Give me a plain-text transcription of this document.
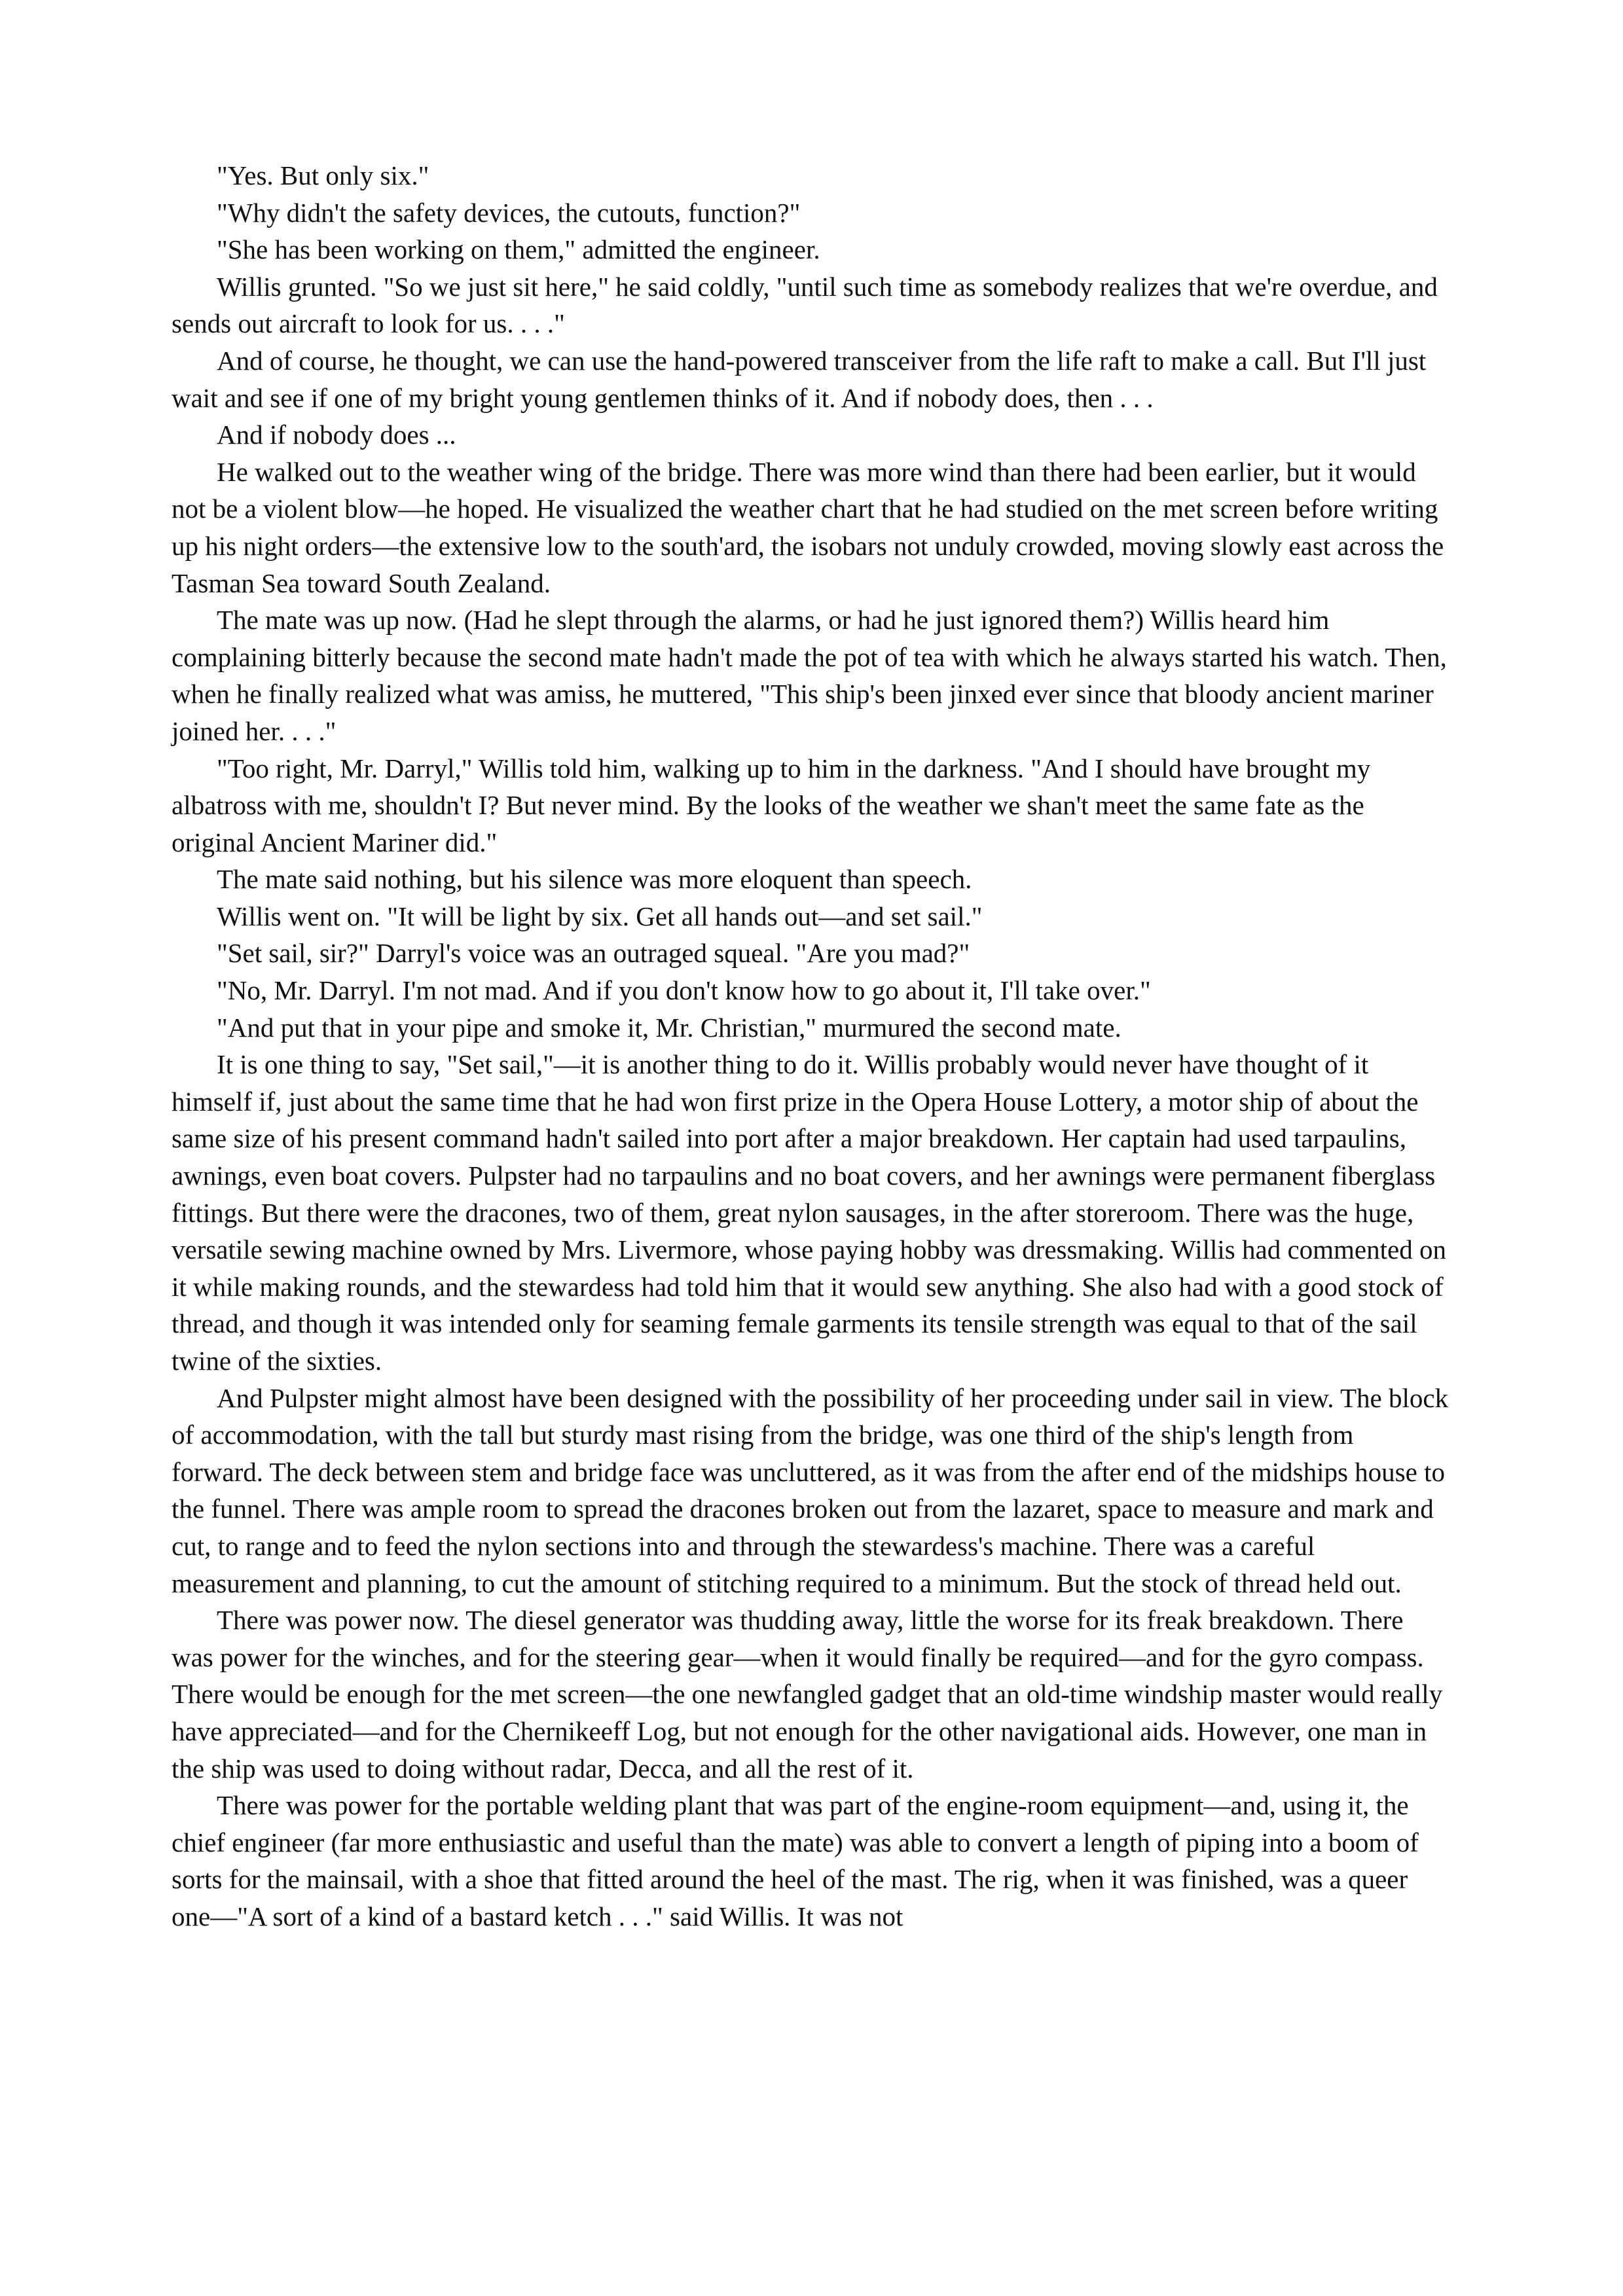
"Yes. But only six."

"Why didn't the safety devices, the cutouts, function?"

"She has been working on them," admitted the engineer.

Willis grunted. "So we just sit here," he said coldly, "until such time as somebody realizes that we're overdue, and sends out aircraft to look for us. . . ."

And of course, he thought, we can use the hand-powered transceiver from the life raft to make a call. But I'll just wait and see if one of my bright young gentlemen thinks of it. And if nobody does, then . . .

And if nobody does ...

He walked out to the weather wing of the bridge. There was more wind than there had been earlier, but it would not be a violent blow—he hoped. He visualized the weather chart that he had studied on the met screen before writing up his night orders—the extensive low to the south'ard, the isobars not unduly crowded, moving slowly east across the Tasman Sea toward South Zealand.

The mate was up now. (Had he slept through the alarms, or had he just ignored them?) Willis heard him complaining bitterly because the second mate hadn't made the pot of tea with which he always started his watch. Then, when he finally realized what was amiss, he muttered, "This ship's been jinxed ever since that bloody ancient mariner joined her. . . ."

"Too right, Mr. Darryl," Willis told him, walking up to him in the darkness. "And I should have brought my albatross with me, shouldn't I? But never mind. By the looks of the weather we shan't meet the same fate as the original Ancient Mariner did."

The mate said nothing, but his silence was more eloquent than speech.

Willis went on. "It will be light by six. Get all hands out—and set sail."

"Set sail, sir?" Darryl's voice was an outraged squeal. "Are you mad?"

"No, Mr. Darryl. I'm not mad. And if you don't know how to go about it, I'll take over."

"And put that in your pipe and smoke it, Mr. Christian," murmured the second mate.

It is one thing to say, "Set sail,"—it is another thing to do it. Willis probably would never have thought of it himself if, just about the same time that he had won first prize in the Opera House Lottery, a motor ship of about the same size of his present command hadn't sailed into port after a major breakdown. Her captain had used tarpaulins, awnings, even boat covers. Pulpster had no tarpaulins and no boat covers, and her awnings were permanent fiberglass fittings. But there were the dracones, two of them, great nylon sausages, in the after storeroom. There was the huge, versatile sewing machine owned by Mrs. Livermore, whose paying hobby was dressmaking. Willis had commented on it while making rounds, and the stewardess had told him that it would sew anything. She also had with a good stock of thread, and though it was intended only for seaming female garments its tensile strength was equal to that of the sail twine of the sixties.

And Pulpster might almost have been designed with the possibility of her proceeding under sail in view. The block of accommodation, with the tall but sturdy mast rising from the bridge, was one third of the ship's length from forward. The deck between stem and bridge face was uncluttered, as it was from the after end of the midships house to the funnel. There was ample room to spread the dracones broken out from the lazaret, space to measure and mark and cut, to range and to feed the nylon sections into and through the stewardess's machine. There was a careful measurement and planning, to cut the amount of stitching required to a minimum. But the stock of thread held out.

There was power now. The diesel generator was thudding away, little the worse for its freak breakdown. There was power for the winches, and for the steering gear—when it would finally be required—and for the gyro compass. There would be enough for the met screen—the one newfangled gadget that an old-time windship master would really have appreciated—and for the Chernikeeff Log, but not enough for the other navigational aids. However, one man in the ship was used to doing without radar, Decca, and all the rest of it.

There was power for the portable welding plant that was part of the engine-room equipment—and, using it, the chief engineer (far more enthusiastic and useful than the mate) was able to convert a length of piping into a boom of sorts for the mainsail, with a shoe that fitted around the heel of the mast. The rig, when it was finished, was a queer one—"A sort of a kind of a bastard ketch . . ." said Willis. It was not
